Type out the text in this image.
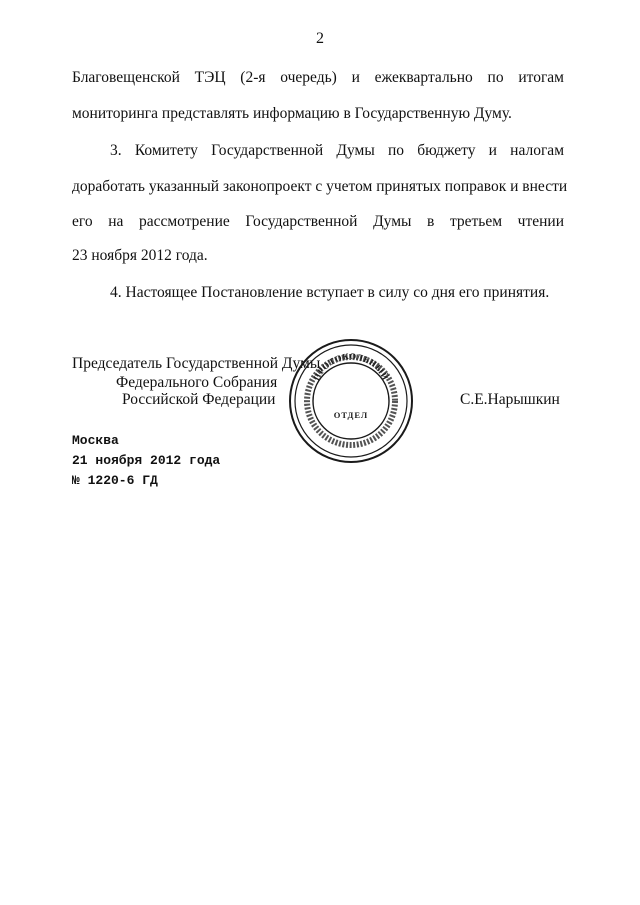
2
Благовещенской ТЭЦ (2-я очередь) и ежеквартально по итогам
мониторинга представлять информацию в Государственную Думу.
3. Комитету Государственной Думы по бюджету и налогам
доработать указанный законопроект с учетом принятых поправок и внести
его на рассмотрение Государственной Думы в третьем чтении
23 ноября 2012 года.
4. Настоящее Постановление вступает в силу со дня его принятия.
Председатель Государственной Думы
Федерального Собрания
Российской Федерации	С.Е.Нарышкин
ПРОТОКОЛЬНЫЙ
ОТДЕЛ
Москва
21 ноября 2012 года
№ 1220-6 ГД
